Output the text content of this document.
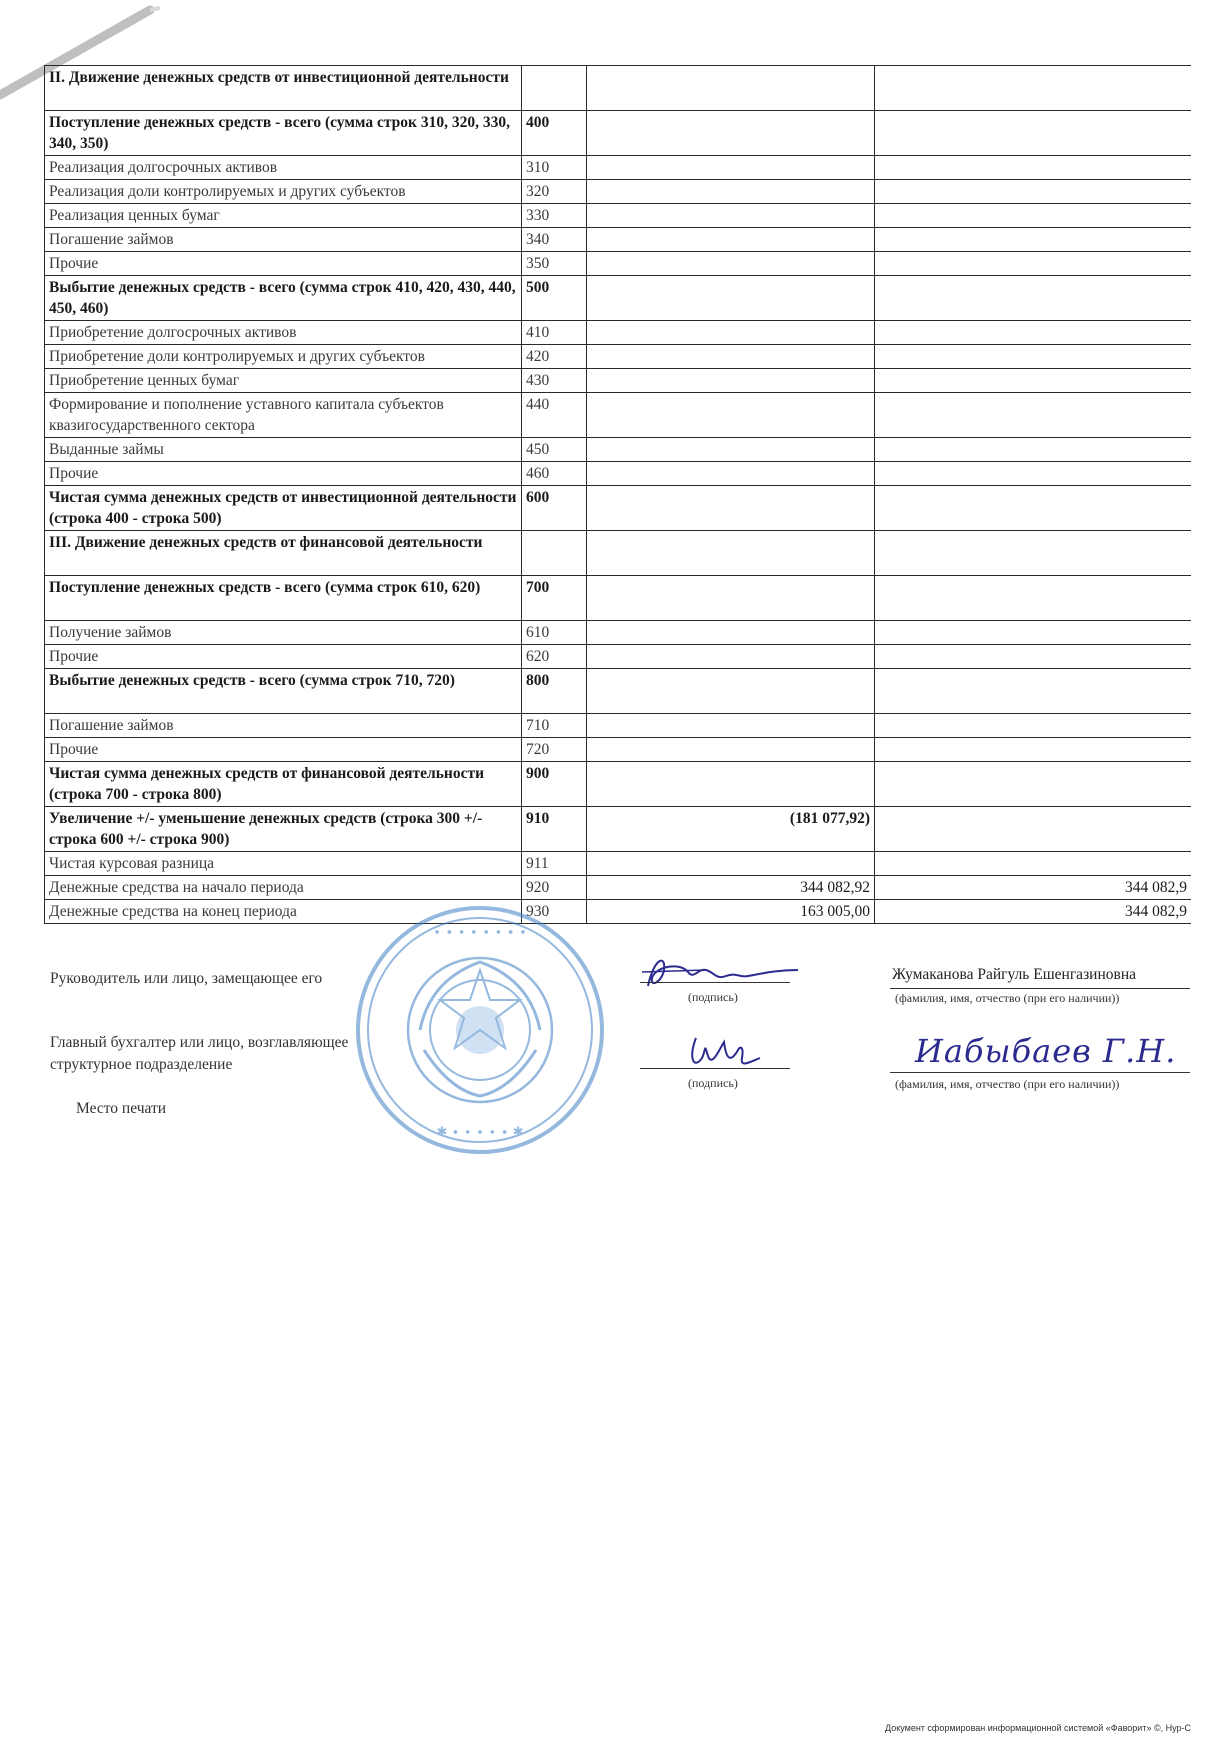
II. Движение денежных средств от инвестиционной деятельности			
Поступление денежных средств - всего (сумма строк 310, 320, 330, 340, 350)	400		
Реализация долгосрочных активов	310		
Реализация доли контролируемых и других субъектов	320		
Реализация ценных бумаг	330		
Погашение займов	340		
Прочие	350		
Выбытие денежных средств - всего (сумма строк 410, 420, 430, 440, 450, 460)	500		
Приобретение долгосрочных активов	410		
Приобретение доли контролируемых и других субъектов	420		
Приобретение ценных бумаг	430		
Формирование и пополнение уставного капитала субъектов квазигосударственного сектора	440		
Выданные займы	450		
Прочие	460		
Чистая сумма денежных средств от инвестиционной деятельности (строка 400 - строка 500)	600		
III. Движение денежных средств от финансовой деятельности			
Поступление денежных средств - всего (сумма строк 610, 620)	700		
Получение займов	610		
Прочие	620		
Выбытие денежных средств - всего (сумма строк 710, 720)	800		
Погашение займов	710		
Прочие	720		
Чистая сумма денежных средств от финансовой деятельности (строка 700 - строка 800)	900		
Увеличение +/- уменьшение денежных средств (строка 300 +/- строка 600 +/- строка 900)	910	(181 077,92)	
Чистая курсовая разница	911		
Денежные средства на начало периода	920	344 082,92	344 082,9
Денежные средства на конец периода	930	163 005,00	344 082,9
∙ ∙ ∙ ∙ ∙ ∙ ∙ ∙
✱ ∙ ∙ ∙ ∙ ∙ ✱
Руководитель или лицо, замещающее его
(подпись)
Жумаканова Райгуль Ешенгазиновна
(фамилия, имя, отчество (при его наличии))
Главный бухгалтер или лицо, возглавляющее структурное подразделение
(подпись)
Иабыбаев Г.Н.
(фамилия, имя, отчество (при его наличии))
Место печати
Документ сформирован информационной системой «Фаворит» ©, Нур-С
